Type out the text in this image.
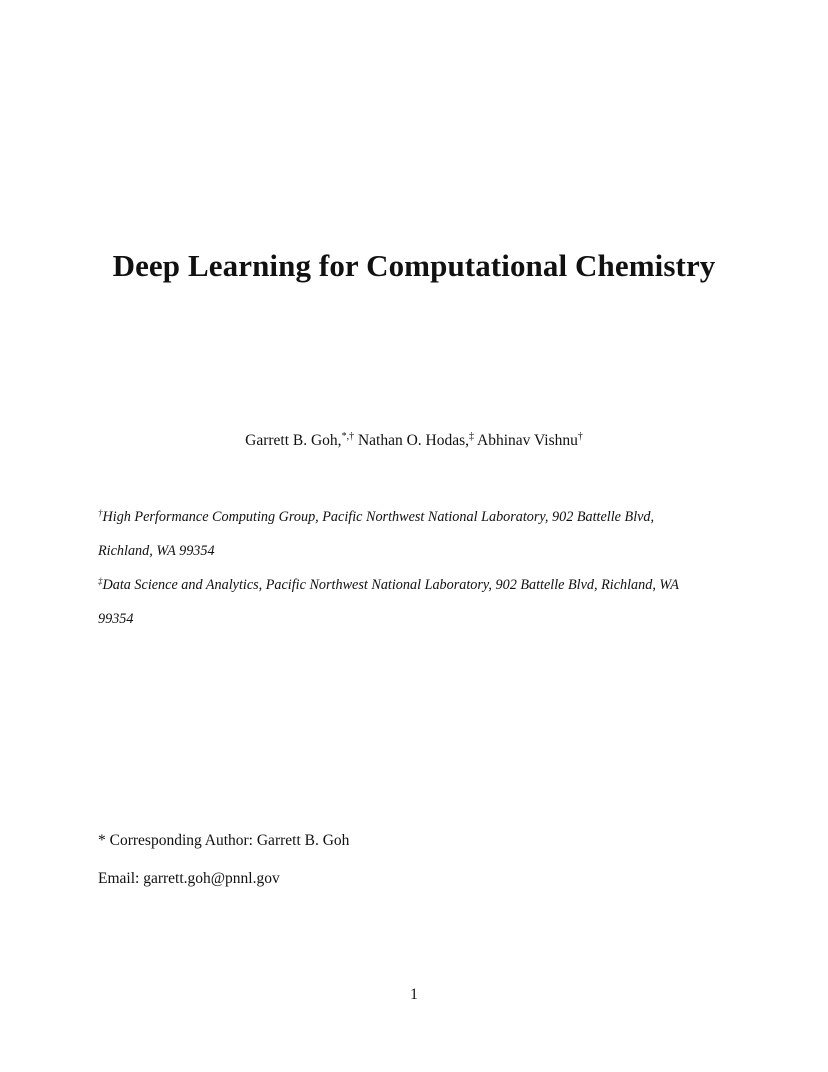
Deep Learning for Computational Chemistry
Garrett B. Goh,*,† Nathan O. Hodas,‡ Abhinav Vishnu†
†High Performance Computing Group, Pacific Northwest National Laboratory, 902 Battelle Blvd,
Richland, WA 99354
‡Data Science and Analytics, Pacific Northwest National Laboratory, 902 Battelle Blvd, Richland, WA
99354
* Corresponding Author: Garrett B. Goh
Email: garrett.goh@pnnl.gov
1
